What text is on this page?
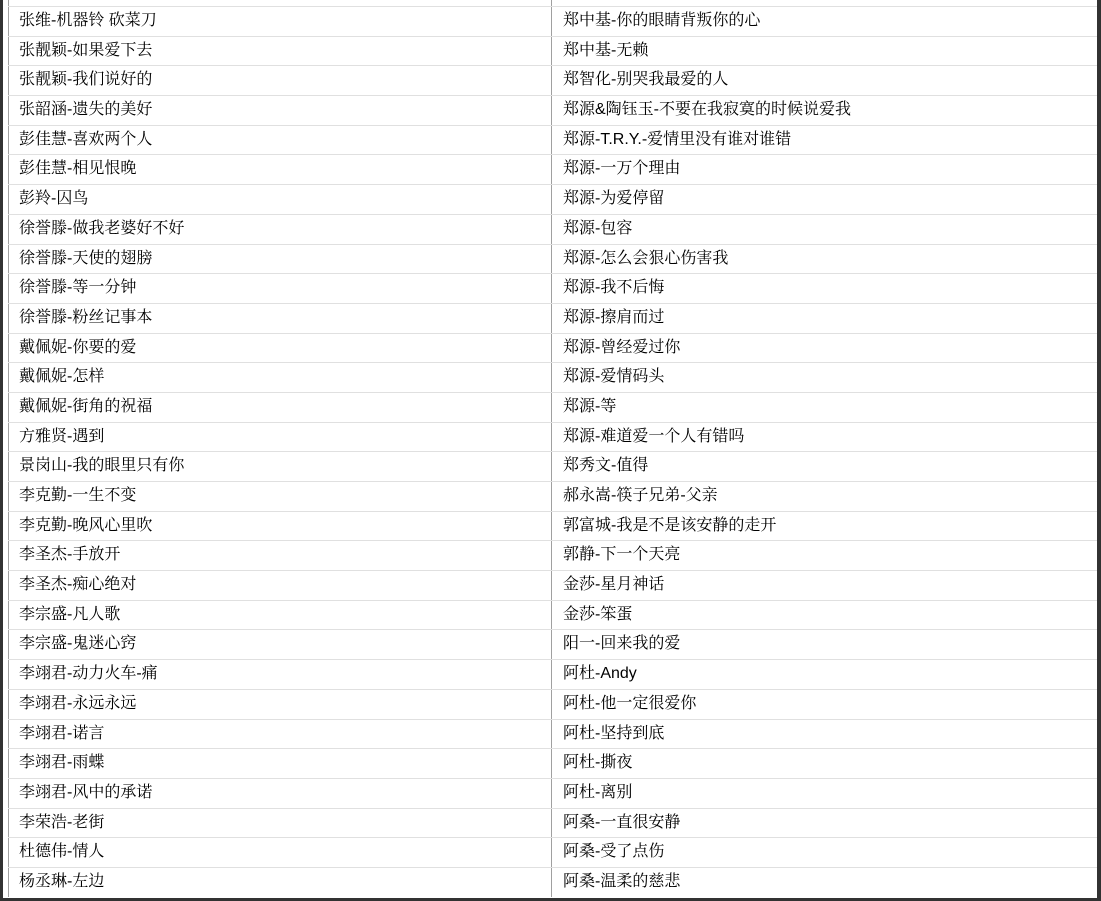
张维-机器铃 砍菜刀	郑中基-你的眼睛背叛你的心
张靓颖-如果爱下去	郑中基-无赖
张靓颖-我们说好的	郑智化-别哭我最爱的人
张韶涵-遗失的美好	郑源&陶钰玉-不要在我寂寞的时候说爱我
彭佳慧-喜欢两个人	郑源-T.R.Y.-爱情里没有谁对谁错
彭佳慧-相见恨晚	郑源-一万个理由
彭羚-囚鸟	郑源-为爱停留
徐誉滕-做我老婆好不好	郑源-包容
徐誉滕-天使的翅膀	郑源-怎么会狠心伤害我
徐誉滕-等一分钟	郑源-我不后悔
徐誉滕-粉丝记事本	郑源-擦肩而过
戴佩妮-你要的爱	郑源-曾经爱过你
戴佩妮-怎样	郑源-爱情码头
戴佩妮-街角的祝福	郑源-等
方雅贤-遇到	郑源-难道爱一个人有错吗
景岗山-我的眼里只有你	郑秀文-值得
李克勤-一生不变	郝永嵩-筷子兄弟-父亲
李克勤-晚风心里吹	郭富城-我是不是该安静的走开
李圣杰-手放开	郭静-下一个天亮
李圣杰-痴心绝对	金莎-星月神话
李宗盛-凡人歌	金莎-笨蛋
李宗盛-鬼迷心窍	阳一-回来我的爱
李翊君-动力火车-痛	阿杜-Andy
李翊君-永远永远	阿杜-他一定很爱你
李翊君-诺言	阿杜-坚持到底
李翊君-雨蝶	阿杜-撕夜
李翊君-风中的承诺	阿杜-离别
李荣浩-老街	阿桑-一直很安静
杜德伟-情人	阿桑-受了点伤
杨丞琳-左边	阿桑-温柔的慈悲
